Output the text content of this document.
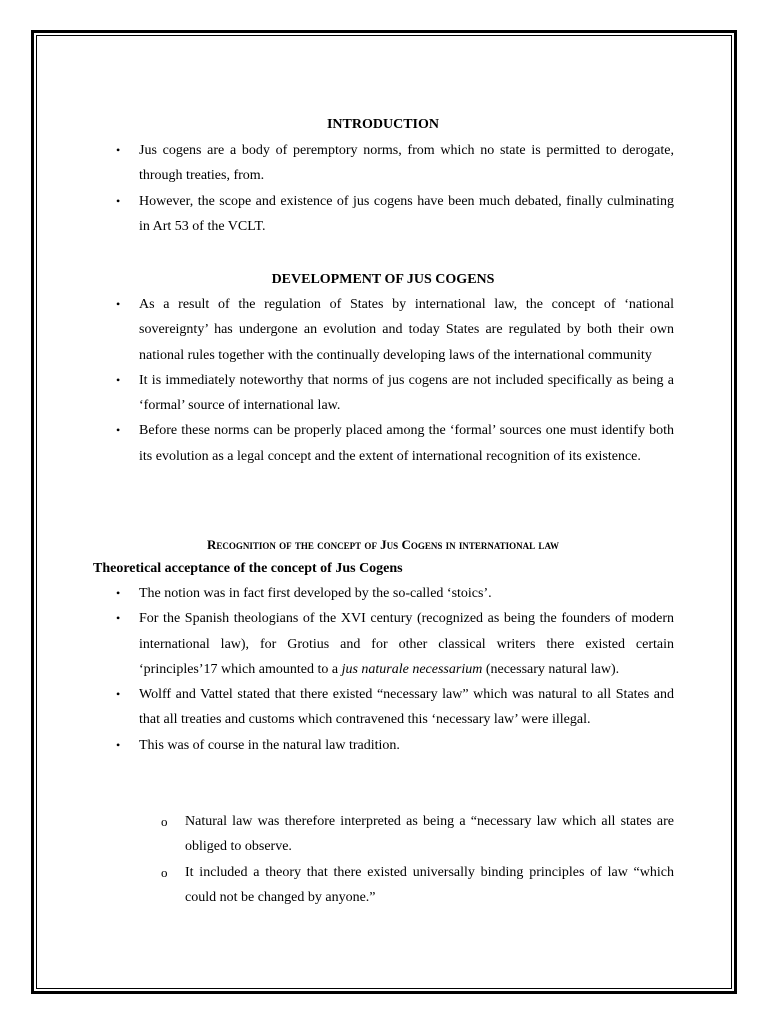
INTRODUCTION
• Jus cogens are a body of peremptory norms, from which no state is permitted to derogate, through treaties, from.
• However, the scope and existence of jus cogens have been much debated, finally culminating in Art 53 of the VCLT.
DEVELOPMENT OF JUS COGENS
• As a result of the regulation of States by international law, the concept of ‘national sovereignty’ has undergone an evolution and today States are regulated by both their own national rules together with the continually developing laws of the international community
• It is immediately noteworthy that norms of jus cogens are not included specifically as being a ‘formal’ source of international law.
• Before these norms can be properly placed among the ‘formal’ sources one must identify both its evolution as a legal concept and the extent of international recognition of its existence.
Recognition of the concept of Jus Cogens in international law
Theoretical acceptance of the concept of Jus Cogens
• The notion was in fact first developed by the so-called ‘stoics’.
• For the Spanish theologians of the XVI century (recognized as being the founders of modern international law), for Grotius and for other classical writers there existed certain ‘principles’17 which amounted to a jus naturale necessarium (necessary natural law).
• Wolff and Vattel stated that there existed “necessary law” which was natural to all States and that all treaties and customs which contravened this ‘necessary law’ were illegal.
• This was of course in the natural law tradition.
o Natural law was therefore interpreted as being a “necessary law which all states are obliged to observe.
o It included a theory that there existed universally binding principles of law “which could not be changed by anyone.”
